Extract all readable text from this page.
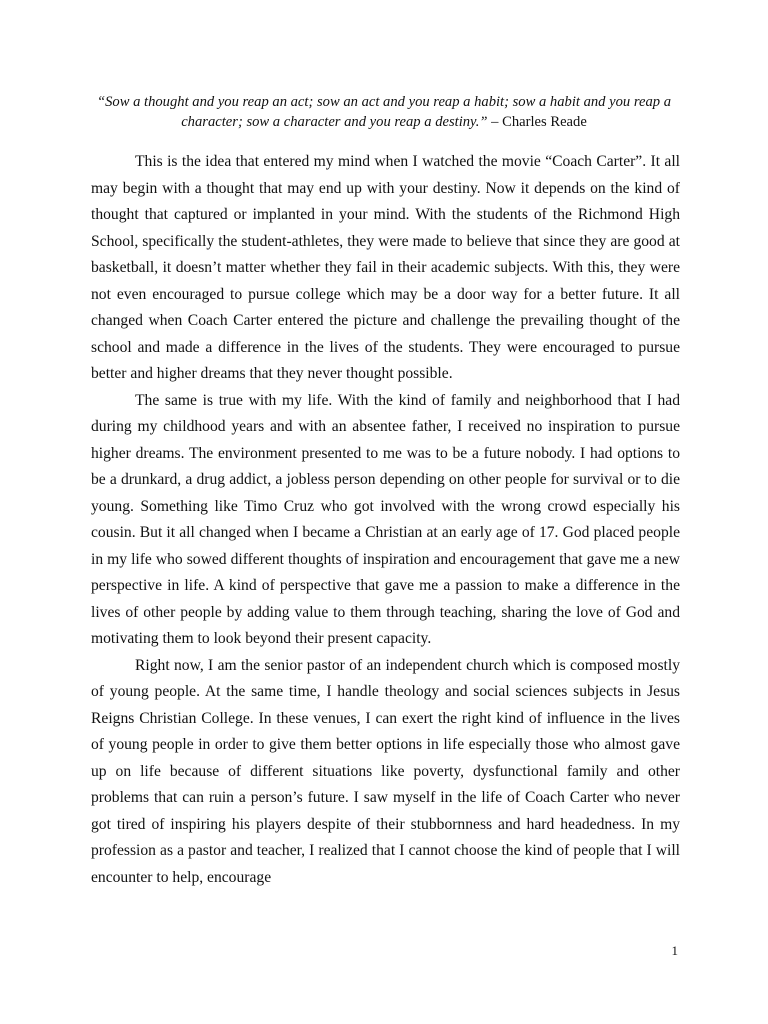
“Sow a thought and you reap an act; sow an act and you reap a habit; sow a habit and you reap a character; sow a character and you reap a destiny.” – Charles Reade

This is the idea that entered my mind when I watched the movie “Coach Carter”. It all may begin with a thought that may end up with your destiny. Now it depends on the kind of thought that captured or implanted in your mind. With the students of the Richmond High School, specifically the student-athletes, they were made to believe that since they are good at basketball, it doesn’t matter whether they fail in their academic subjects. With this, they were not even encouraged to pursue college which may be a door way for a better future. It all changed when Coach Carter entered the picture and challenge the prevailing thought of the school and made a difference in the lives of the students. They were encouraged to pursue better and higher dreams that they never thought possible.

The same is true with my life. With the kind of family and neighborhood that I had during my childhood years and with an absentee father, I received no inspiration to pursue higher dreams. The environment presented to me was to be a future nobody. I had options to be a drunkard, a drug addict, a jobless person depending on other people for survival or to die young. Something like Timo Cruz who got involved with the wrong crowd especially his cousin. But it all changed when I became a Christian at an early age of 17. God placed people in my life who sowed different thoughts of inspiration and encouragement that gave me a new perspective in life. A kind of perspective that gave me a passion to make a difference in the lives of other people by adding value to them through teaching, sharing the love of God and motivating them to look beyond their present capacity.

Right now, I am the senior pastor of an independent church which is composed mostly of young people. At the same time, I handle theology and social sciences subjects in Jesus Reigns Christian College. In these venues, I can exert the right kind of influence in the lives of young people in order to give them better options in life especially those who almost gave up on life because of different situations like poverty, dysfunctional family and other problems that can ruin a person’s future. I saw myself in the life of Coach Carter who never got tired of inspiring his players despite of their stubbornness and hard headedness. In my profession as a pastor and teacher, I realized that I cannot choose the kind of people that I will encounter to help, encourage

1
